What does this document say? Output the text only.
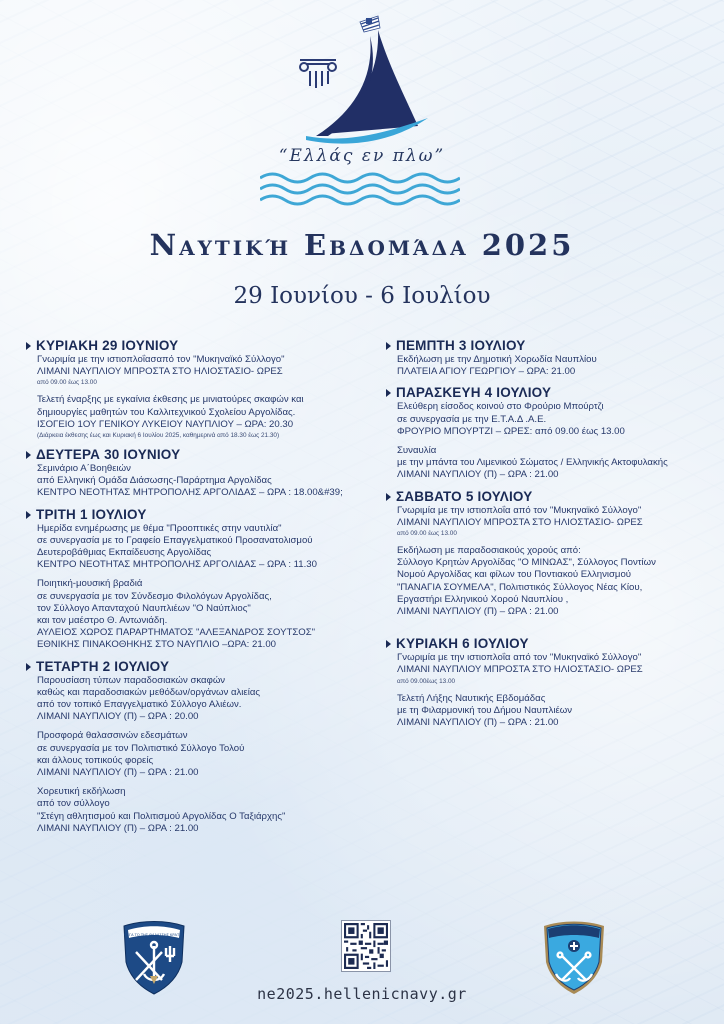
“Ελλάς εν πλω”
Ναυτική Εβδομάδα 2025
29 Ιουνίου - 6 Ιουλίου
ΚΥΡΙΑΚΗ 29 ΙΟΥΝΙΟΥ
Γνωριμία με την ιστιοπλοΐασαπό τον "Μυκηναϊκό Σύλλογο"
ΛΙΜΑΝΙ ΝΑΥΠΛΙΟΥ ΜΠΡΟΣΤΑ ΣΤΟ ΗΛΙΟΣΤΑΣΙΟ- ΩΡΕΣ
από 09.00 έως 13.00
Τελετή έναρξης με εγκαίνια έκθεσης με μινιατούρες σκαφών και
δημιουργίες μαθητών του Καλλιτεχνικού Σχολείου Αργολίδας.
ΙΣΟΓΕΙΟ 1ΟΥ ΓΕΝΙΚΟΥ ΛΥΚΕΙΟΥ ΝΑΥΠΛΙΟΥ – ΩΡΑ: 20.30
(Διάρκεια έκθεσης έως και Κυριακή 6 Ιουλίου 2025, καθημερινά από 18.30 έως 21.30)
ΔΕΥΤΕΡΑ 30 ΙΟΥΝΙΟΥ
Σεμινάριο Α΄Βοηθειών
από Ελληνική Ομάδα Διάσωσης-Παράρτημα Αργολίδας
ΚΕΝΤΡΟ ΝΕΟΤΗΤΑΣ ΜΗΤΡΟΠΟΛΗΣ ΑΡΓΟΛΙΔΑΣ – ΩΡΑ : 18.00&#39;
ΤΡΙΤΗ 1 ΙΟΥΛΙΟΥ
Ημερίδα ενημέρωσης με θέμα "Προοπτικές στην ναυτιλία"
σε συνεργασία με το Γραφείο Επαγγελματικού Προσανατολισμού
Δευτεροβάθμιας Εκπαίδευσης Αργολίδας
ΚΕΝΤΡΟ ΝΕΟΤΗΤΑΣ ΜΗΤΡΟΠΟΛΗΣ ΑΡΓΟΛΙΔΑΣ – ΩΡΑ : 11.30
Ποιητική-μουσική βραδιά
σε συνεργασία με τον Σύνδεσμο Φιλολόγων Αργολίδας,
τον Σύλλογο Απανταχού Ναυπλιέων "Ο Ναύπλιος"
και τον μαέστρο Θ. Αντωνιάδη.
ΑΥΛΕΙΟΣ ΧΩΡΟΣ ΠΑΡΑΡΤΗΜΑΤΟΣ "ΑΛΕΞΑΝΔΡΟΣ ΣΟΥΤΣΟΣ"
ΕΘΝΙΚΗΣ ΠΙΝΑΚΟΘΗΚΗΣ ΣΤΟ ΝΑΥΠΛΙΟ –ΩΡΑ: 21.00
ΤΕΤΑΡΤΗ 2 ΙΟΥΛΙΟΥ
Παρουσίαση τύπων παραδοσιακών σκαφών
καθώς και παραδοσιακών μεθόδων/οργάνων αλιείας
από τον τοπικό Επαγγελματικό Σύλλογο Αλιέων.
ΛΙΜΑΝΙ ΝΑΥΠΛΙΟΥ (Π) – ΩΡΑ : 20.00
Προσφορά θαλασσινών εδεσμάτων
σε συνεργασία με τον Πολιτιστικό Σύλλογο Τολού
και άλλους τοπικούς φορείς
ΛΙΜΑΝΙ ΝΑΥΠΛΙΟΥ (Π) – ΩΡΑ : 21.00
Χορευτική εκδήλωση
από τον σύλλογο
"Στέγη αθλητισμού και Πολιτισμού Αργολίδας Ο Ταξιάρχης"
ΛΙΜΑΝΙ ΝΑΥΠΛΙΟΥ (Π) – ΩΡΑ : 21.00
ΠΕΜΠΤΗ 3 ΙΟΥΛΙΟΥ
Εκδήλωση με την Δημοτική Χορωδία Ναυπλίου
ΠΛΑΤΕΙΑ ΑΓΙΟΥ ΓΕΩΡΓΙΟΥ – ΩΡΑ: 21.00
ΠΑΡΑΣΚΕΥΗ 4 ΙΟΥΛΙΟΥ
Ελεύθερη είσοδος κοινού στο Φρούριο Μπούρτζι
σε συνεργασία με την Ε.Τ.Α.Δ .Α.Ε.
ΦΡΟΥΡΙΟ ΜΠΟΥΡΤΖΙ – ΩΡΕΣ: από 09.00 έως 13.00
Συναυλία
με την μπάντα του Λιμενικού Σώματος / Ελληνικής Ακτοφυλακής
ΛΙΜΑΝΙ ΝΑΥΠΛΙΟΥ (Π) – ΩΡΑ : 21.00
ΣΑΒΒΑΤΟ 5 ΙΟΥΛΙΟΥ
Γνωριμία με την ιστιοπλοΐα από τον "Μυκηναϊκό Σύλλογο"
ΛΙΜΑΝΙ ΝΑΥΠΛΙΟΥ ΜΠΡΟΣΤΑ ΣΤΟ ΗΛΙΟΣΤΑΣΙΟ- ΩΡΕΣ
από 09.00 έως 13.00
Εκδήλωση με παραδοσιακούς χορούς από:
Σύλλογο Κρητών Αργολίδας "Ο ΜΙΝΩΑΣ", Σύλλογος Ποντίων
Νομού Αργολίδας και φίλων του Ποντιακού Ελληνισμού
"ΠΑΝΑΓΙΑ ΣΟΥΜΕΛΑ", Πολιτιστικός Σύλλογος Νέας Κίου,
Εργαστήρι Ελληνικού Χορού Ναυπλίου ,
ΛΙΜΑΝΙ ΝΑΥΠΛΙΟΥ (Π) – ΩΡΑ : 21.00
ΚΥΡΙΑΚΗ 6 ΙΟΥΛΙΟΥ
Γνωριμία με την ιστιοπλοΐα από τον "Μυκηναϊκό Σύλλογο"
ΛΙΜΑΝΙ ΝΑΥΠΛΙΟΥ ΜΠΡΟΣΤΑ ΣΤΟ ΗΛΙΟΣΤΑΣΙΟ- ΩΡΕΣ
από 09.00έως 13.00
Τελετή Λήξης Ναυτικής Εβδομάδας
με τη Φιλαρμονική του Δήμου Ναυπλιέων
ΛΙΜΑΝΙ ΝΑΥΠΛΙΟΥ (Π) – ΩΡΑ : 21.00
ΜΕΓΑ ΤΟ ΤΗΣ ΘΑΛΑΣΣΗΣ ΚΡΑΤΟΣ
ne2025.hellenicnavy.gr
